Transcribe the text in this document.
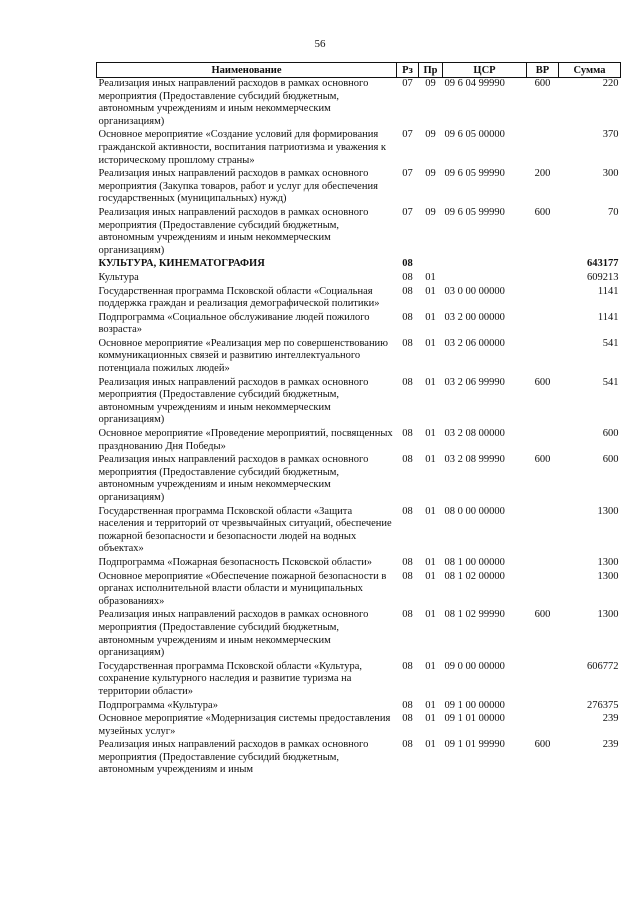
56
Наименование	Рз	Пр	ЦСР	ВР	Сумма
Реализация иных направлений расходов в рамках основного мероприятия (Предоставление субсидий бюджетным, автономным учреждениям и иным некоммерческим организациям)	07	09	09 6 04 99990	600	220
Основное мероприятие «Создание условий для формирования гражданской активности, воспитания патриотизма и уважения к историческому прошлому страны»	07	09	09 6 05 00000		370
Реализация иных направлений расходов в рамках основного мероприятия (Закупка товаров, работ и услуг для обеспечения государственных (муниципальных) нужд)	07	09	09 6 05 99990	200	300
Реализация иных направлений расходов в рамках основного мероприятия (Предоставление субсидий бюджетным, автономным учреждениям и иным некоммерческим организациям)	07	09	09 6 05 99990	600	70
КУЛЬТУРА, КИНЕМАТОГРАФИЯ	08				643177
Культура	08	01			609213
Государственная программа Псковской области «Социальная поддержка граждан и реализация демографической политики»	08	01	03 0 00 00000		1141
Подпрограмма «Социальное обслуживание людей пожилого возраста»	08	01	03 2 00 00000		1141
Основное мероприятие «Реализация мер по совершенствованию коммуникационных связей и развитию интеллектуального потенциала пожилых людей»	08	01	03 2 06 00000		541
Реализация иных направлений расходов в рамках основного мероприятия (Предоставление субсидий бюджетным, автономным учреждениям и иным некоммерческим организациям)	08	01	03 2 06 99990	600	541
Основное мероприятие «Проведение мероприятий, посвященных празднованию Дня Победы»	08	01	03 2 08 00000		600
Реализация иных направлений расходов в рамках основного мероприятия (Предоставление субсидий бюджетным, автономным учреждениям и иным некоммерческим организациям)	08	01	03 2 08 99990	600	600
Государственная программа Псковской области «Защита населения и территорий от чрезвычайных ситуаций, обеспечение пожарной безопасности и безопасности людей на водных объектах»	08	01	08 0 00 00000		1300
Подпрограмма «Пожарная безопасность Псковской области»	08	01	08 1 00 00000		1300
Основное мероприятие «Обеспечение пожарной безопасности в органах исполнительной власти области и муниципальных образованиях»	08	01	08 1 02 00000		1300
Реализация иных направлений расходов в рамках основного мероприятия (Предоставление субсидий бюджетным, автономным учреждениям и иным некоммерческим организациям)	08	01	08 1 02 99990	600	1300
Государственная программа Псковской области «Культура, сохранение культурного наследия и развитие туризма на территории области»	08	01	09 0 00 00000		606772
Подпрограмма «Культура»	08	01	09 1 00 00000		276375
Основное мероприятие «Модернизация системы предоставления музейных услуг»	08	01	09 1 01 00000		239
Реализация иных направлений расходов в рамках основного мероприятия (Предоставление субсидий бюджетным, автономным учреждениям и иным	08	01	09 1 01 99990	600	239
